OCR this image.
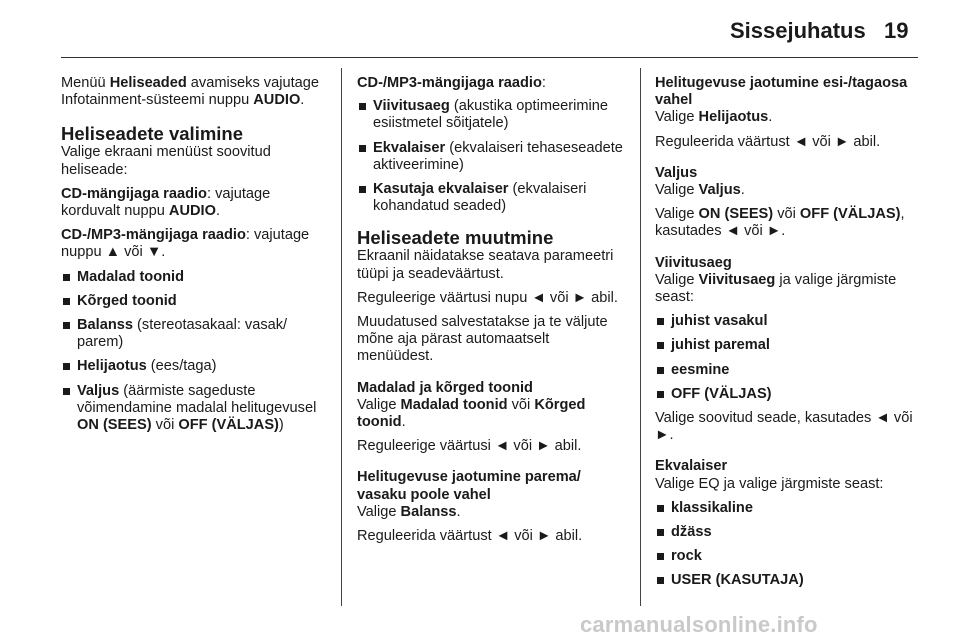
Sissejuhatus 19

Menüü Heliseaded avamiseks vajutage Infotainment-süsteemi nuppu AUDIO.

Heliseadete valimine

Valige ekraani menüüst soovitud heliseade:

CD-mängijaga raadio: vajutage korduvalt nuppu AUDIO.

CD-/MP3-mängijaga raadio: vajutage nuppu ▲ või ▼.

Madalad toonid
Kõrged toonid
Balanss (stereotasakaal: vasak/ parem)
Helijaotus (ees/taga)
Valjus (äärmiste sageduste võimendamine madalal helitugevusel ON (SEES) või OFF (VÄLJAS))

CD-/MP3-mängijaga raadio:

Viivitusaeg (akustika optimeerimine esiistmetel sõitjatele)
Ekvalaiser (ekvalaiseri tehaseseadete aktiveerimine)
Kasutaja ekvalaiser (ekvalaiseri kohandatud seaded)
Heliseadete muutmine

Ekraanil näidatakse seatava parameetri tüüpi ja seadeväärtust.

Reguleerige väärtusi nupu ◄ või ► abil.

Muudatused salvestatakse ja te väljute mõne aja pärast automaatselt menüüdest.

Madalad ja kõrged toonid

Valige Madalad toonid või Kõrged toonid.

Reguleerige väärtusi ◄ või ► abil.

Helitugevuse jaotumine parema/ vasaku poole vahel

Valige Balanss.

Reguleerida väärtust ◄ või ► abil.

Helitugevuse jaotumine esi-/tagaosa vahel

Valige Helijaotus.

Reguleerida väärtust ◄ või ► abil.

Valjus

Valige Valjus.

Valige ON (SEES) või OFF (VÄLJAS), kasutades ◄ või ►.

Viivitusaeg

Valige Viivitusaeg ja valige järgmiste seast:

juhist vasakul
juhist paremal
eesmine
OFF (VÄLJAS)

Valige soovitud seade, kasutades ◄ või ►.

Ekvalaiser

Valige EQ ja valige järgmiste seast:

klassikaline
džäss
rock
USER (KASUTAJA)
carmanualsonline.info
